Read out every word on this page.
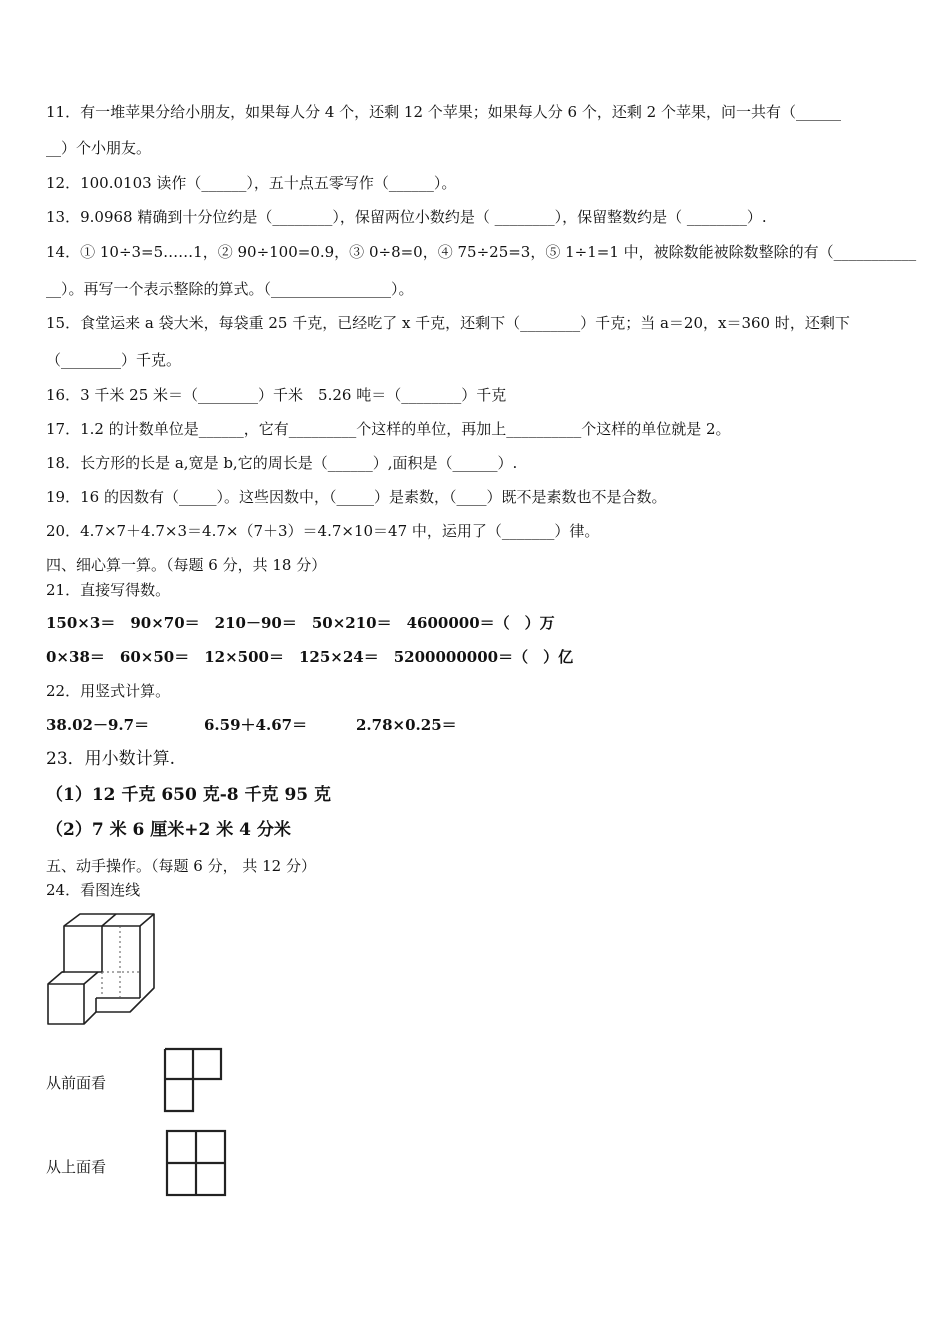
11．有一堆苹果分给小朋友，如果每人分 4 个，还剩 12 个苹果；如果每人分 6 个，还剩 2 个苹果，问一共有（______
__）个小朋友。
12．100.0103 读作（______），五十点五零写作（______）。
13．9.0968 精确到十分位约是（________），保留两位小数约是（ ________），保留整数约是（ ________）.
14．① 10÷3=5……1，② 90÷100=0.9，③ 0÷8=0，④ 75÷25=3，⑤ 1÷1=1 中，被除数能被除数整除的有（___________
__）。再写一个表示整除的算式。（________________）。
15．食堂运来 a 袋大米，每袋重 25 千克，已经吃了 x 千克，还剩下（________）千克；当 a＝20，x＝360 时，还剩下
（________）千克。
16．3 千米 25 米＝（________）千米　5.26 吨＝（________）千克
17．1.2 的计数单位是______，它有_________个这样的单位，再加上__________个这样的单位就是 2。
18．长方形的长是 a,宽是 b,它的周长是（______）,面积是（______）.
19．16 的因数有（_____）。这些因数中，（_____）是素数，（____）既不是素数也不是合数。
20．4.7×7＋4.7×3＝4.7×（7＋3）＝4.7×10＝47 中，运用了（_______）律。
四、细心算一算。（每题 6 分，共 18 分）
21．直接写得数。
150×3＝　90×70＝　210－90＝　50×210＝　4600000＝（　）万
0×38＝　60×50＝　12×500＝　125×24＝　5200000000＝（　）亿
22．用竖式计算。
38.02－9.7＝	6.59＋4.67＝	2.78×0.25＝
23．用小数计算.
（1）12 千克 650 克-8 千克 95 克
（2）7 米 6 厘米+2 米 4 分米
五、动手操作。（每题 6 分， 共 12 分）
24．看图连线
从前面看
从上面看
